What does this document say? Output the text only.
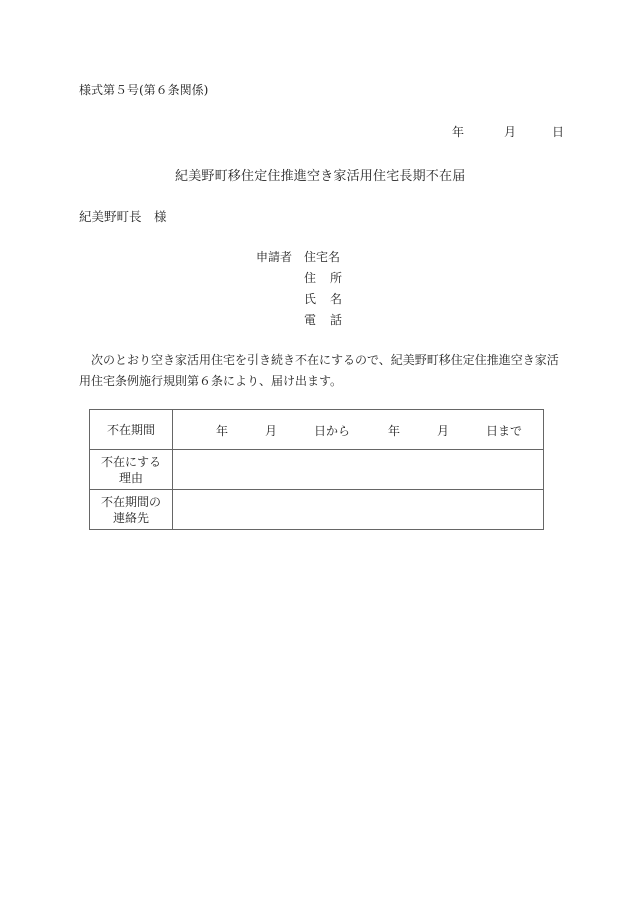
様式第５号(第６条関係)
年	月	日
紀美野町移住定住推進空き家活用住宅長期不在届
紀美野町長　様
申請者 住宅名
住 所
氏 名
電 話

次のとおり空き家活用住宅を引き続き不在にするので、紀美野町移住定住推進空き家活用住宅条例施行規則第６条により、届け出ます。

不在期間	年	月	日から	年	月	日まで

不在にする
理由	

不在期間の
連絡先	
